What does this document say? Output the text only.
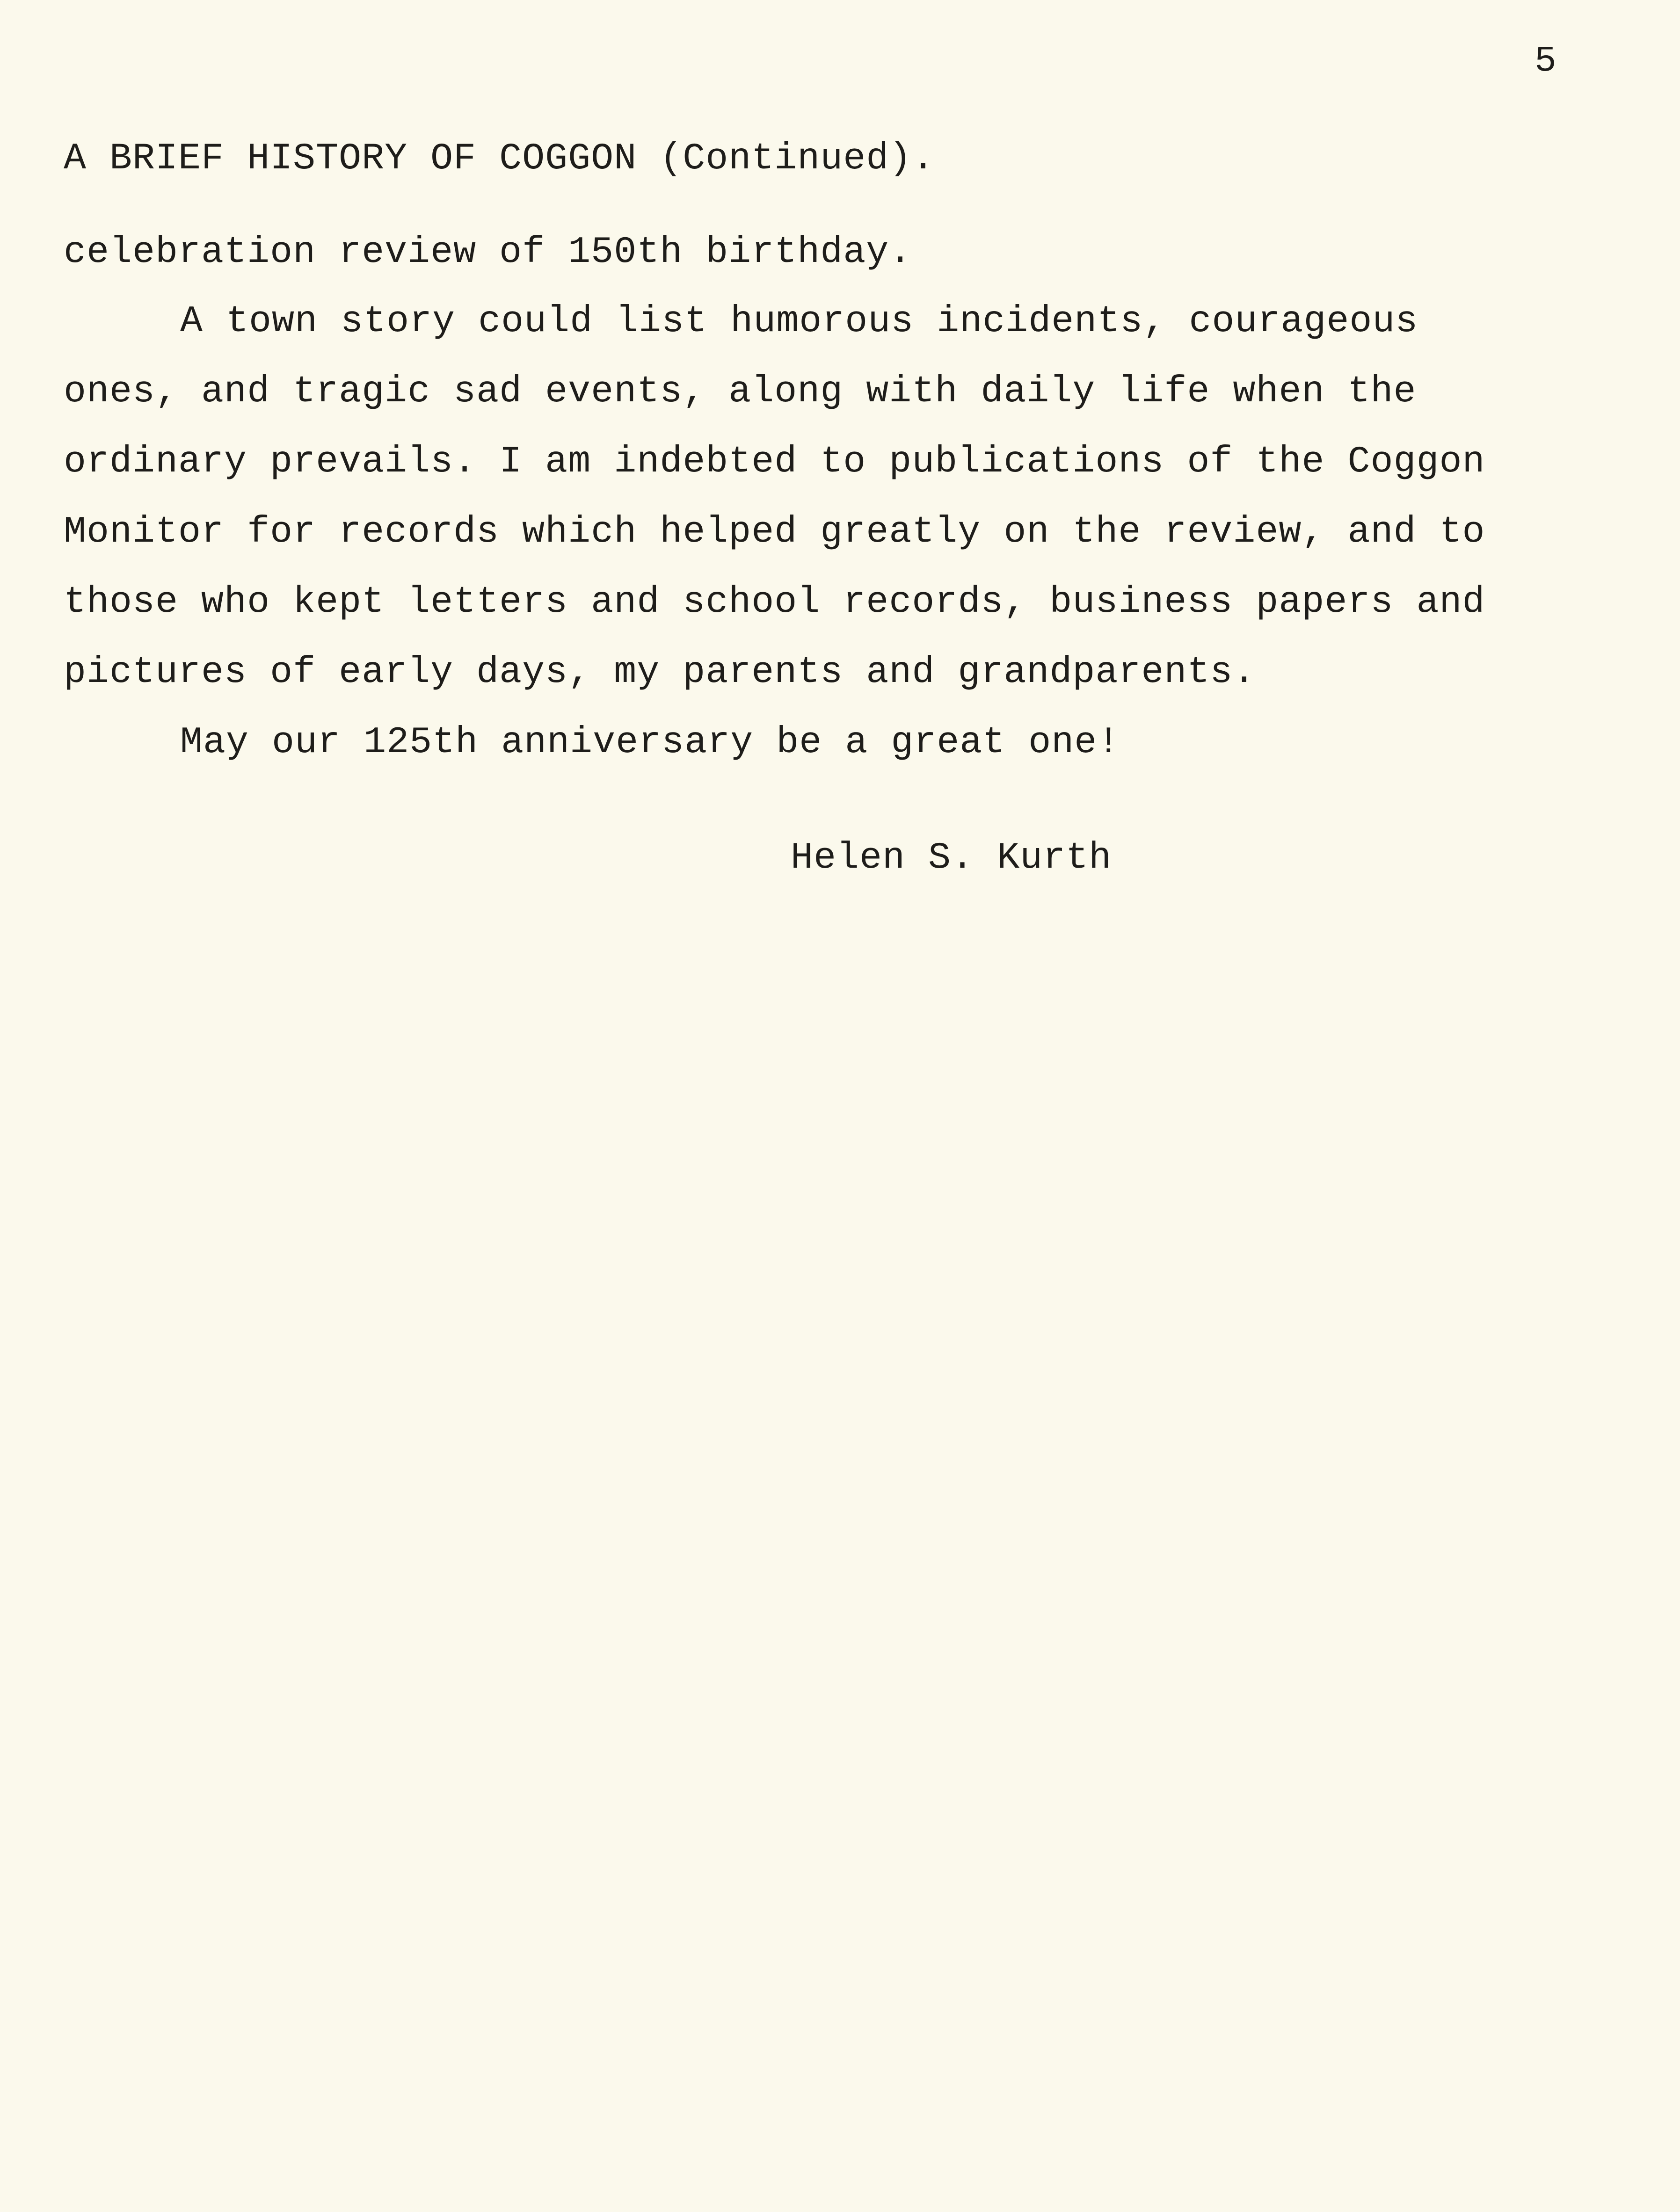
5
A BRIEF HISTORY OF COGGON (Continued).
celebration review of 150th birthday.
A town story could list humorous incidents, courageous
ones, and tragic sad events, along with daily life when the
ordinary prevails. I am indebted to publications of the Coggon
Monitor for records which helped greatly on the review, and to
those who kept letters and school records, business papers and
pictures of early days, my parents and grandparents.
May our 125th anniversary be a great one!
Helen S. Kurth
